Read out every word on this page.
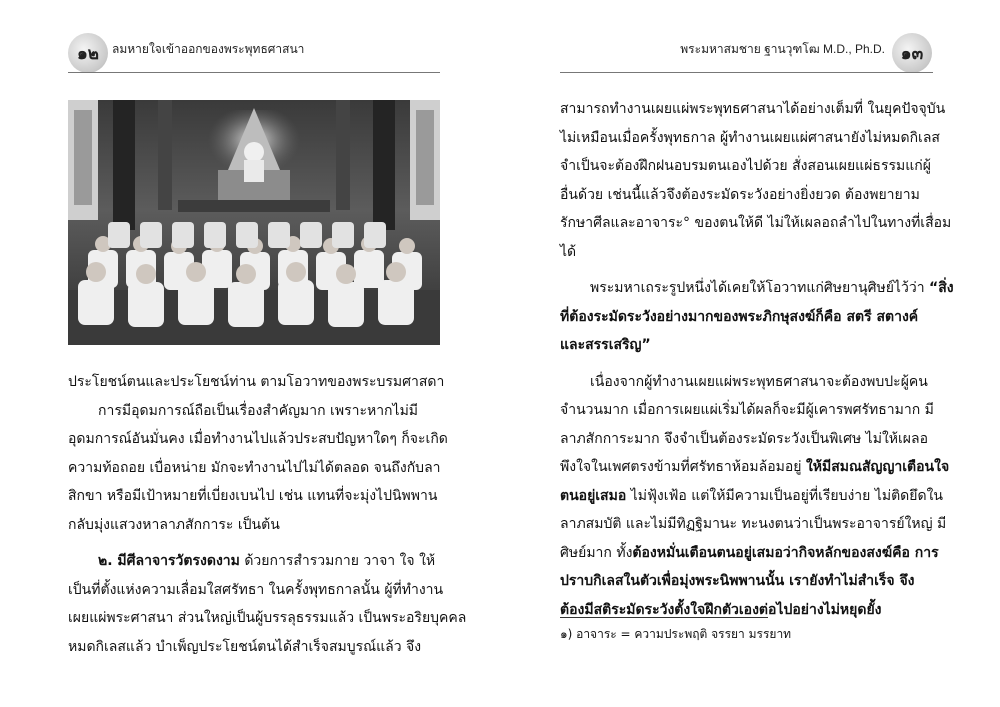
๑๒	ลมหายใจเข้าออกของพระพุทธศาสนา
ประโยชน์ตนและประโยชน์ท่าน ตามโอวาทของพระบรมศาสดา
การมีอุดมการณ์ถือเป็นเรื่องสำคัญมาก เพราะหากไม่มี
อุดมการณ์อันมั่นคง เมื่อทำงานไปแล้วประสบปัญหาใดๆ ก็จะเกิด
ความท้อถอย เบื่อหน่าย มักจะทำงานไปไม่ได้ตลอด จนถึงกับลา
สิกขา หรือมีเป้าหมายที่เบี่ยงเบนไป เช่น แทนที่จะมุ่งไปนิพพาน
กลับมุ่งแสวงหาลาภสักการะ เป็นต้น
๒. มีศีลาจารวัตรงดงาม ด้วยการสำรวมกาย วาจา ใจ ให้
เป็นที่ตั้งแห่งความเลื่อมใสศรัทธา ในครั้งพุทธกาลนั้น ผู้ที่ทำงาน
เผยแผ่พระศาสนา ส่วนใหญ่เป็นผู้บรรลุธรรมแล้ว เป็นพระอริยบุคคล
หมดกิเลสแล้ว บำเพ็ญประโยชน์ตนได้สำเร็จสมบูรณ์แล้ว จึง
พระมหาสมชาย ฐานวุฑโฒ M.D., Ph.D. ๑๓
สามารถทำงานเผยแผ่พระพุทธศาสนาได้อย่างเต็มที่ ในยุคปัจจุบัน
ไม่เหมือนเมื่อครั้งพุทธกาล ผู้ทำงานเผยแผ่ศาสนายังไม่หมดกิเลส
จำเป็นจะต้องฝึกฝนอบรมตนเองไปด้วย สั่งสอนเผยแผ่ธรรมแก่ผู้
อื่นด้วย เช่นนี้แล้วจึงต้องระมัดระวังอย่างยิ่งยวด ต้องพยายาม
รักษาศีลและอาจาระ° ของตนให้ดี ไม่ให้เผลอถลำไปในทางที่เสื่อม
ได้
พระมหาเถระรูปหนึ่งได้เคยให้โอวาทแก่ศิษยานุศิษย์ไว้ว่า “สิ่ง
ที่ต้องระมัดระวังอย่างมากของพระภิกษุสงฆ์ก็คือ สตรี สตางค์
และสรรเสริญ”
เนื่องจากผู้ทำงานเผยแผ่พระพุทธศาสนาจะต้องพบปะผู้คน
จำนวนมาก เมื่อการเผยแผ่เริ่มได้ผลก็จะมีผู้เคารพศรัทธามาก มี
ลาภสักการะมาก จึงจำเป็นต้องระมัดระวังเป็นพิเศษ ไม่ให้เผลอ
พึงใจในเพศตรงข้ามที่ศรัทธาห้อมล้อมอยู่ ให้มีสมณสัญญาเตือนใจ
ตนอยู่เสมอ ไม่ฟุ้งเฟ้อ แต่ให้มีความเป็นอยู่ที่เรียบง่าย ไม่ติดยึดใน
ลาภสมบัติ และไม่มีทิฏฐิมานะ ทะนงตนว่าเป็นพระอาจารย์ใหญ่ มี
ศิษย์มาก ทั้งต้องหมั่นเตือนตนอยู่เสมอว่ากิจหลักของสงฆ์คือ การ
ปราบกิเลสในตัวเพื่อมุ่งพระนิพพานนั้น เรายังทำไม่สำเร็จ จึง
ต้องมีสติระมัดระวังตั้งใจฝึกตัวเองต่อไปอย่างไม่หยุดยั้ง
๑) อาจาระ = ความประพฤติ จรรยา มรรยาท
